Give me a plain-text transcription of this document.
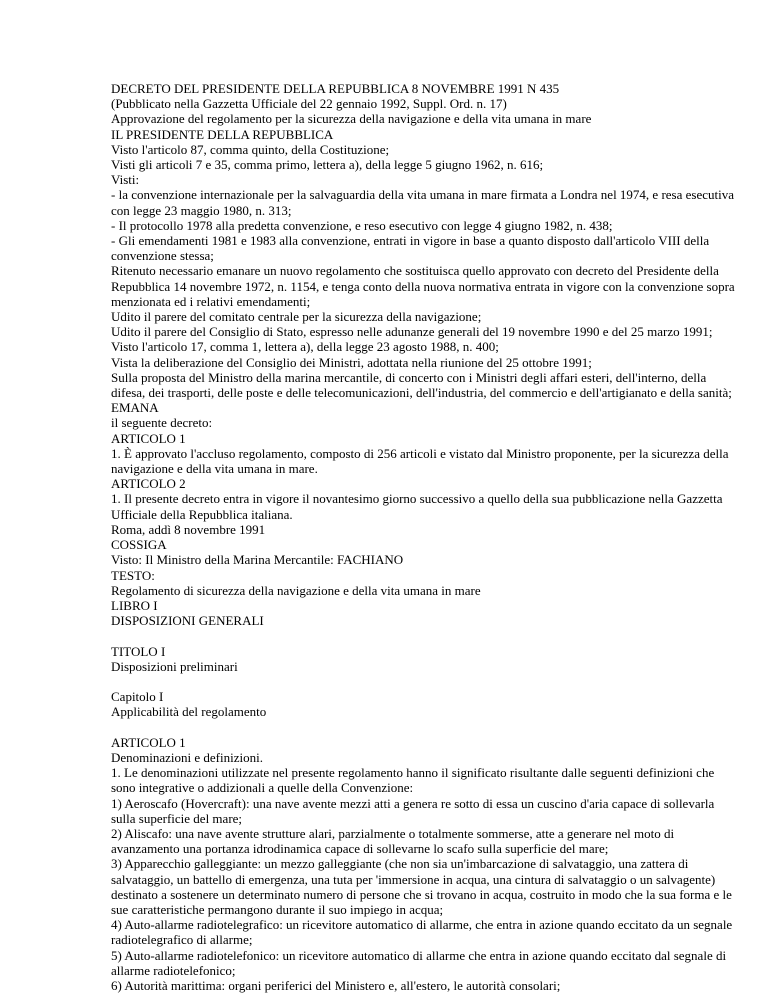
DECRETO DEL PRESIDENTE DELLA REPUBBLICA 8 NOVEMBRE 1991 N 435
(Pubblicato nella Gazzetta Ufficiale del 22 gennaio 1992, Suppl. Ord. n. 17)
Approvazione del regolamento per la sicurezza della navigazione e della vita umana in mare
IL PRESIDENTE DELLA REPUBBLICA
Visto l'articolo 87, comma quinto, della Costituzione;
Visti gli articoli 7 e 35, comma primo, lettera a), della legge 5 giugno 1962, n. 616;
Visti:
- la convenzione internazionale per la salvaguardia della vita umana in mare firmata a Londra nel 1974, e resa esecutiva con legge 23 maggio 1980, n. 313;
- Il protocollo 1978 alla predetta convenzione, e reso esecutivo con legge 4 giugno 1982, n. 438;
- Gli emendamenti 1981 e 1983 alla convenzione, entrati in vigore in base a quanto disposto dall'articolo VIII della convenzione stessa;
Ritenuto necessario emanare un nuovo regolamento che sostituisca quello approvato con decreto del Presidente della Repubblica 14 novembre 1972, n. 1154, e tenga conto della nuova normativa entrata in vigore con la convenzione sopra menzionata ed i relativi emendamenti;
Udito il parere del comitato centrale per la sicurezza della navigazione;
Udito il parere del Consiglio di Stato, espresso nelle adunanze generali del 19 novembre 1990 e del 25 marzo 1991;
Visto l'articolo 17, comma 1, lettera a), della legge 23 agosto 1988, n. 400;
Vista la deliberazione del Consiglio dei Ministri, adottata nella riunione del 25 ottobre 1991;
Sulla proposta del Ministro della marina mercantile, di concerto con i Ministri degli affari esteri, dell'interno, della difesa, dei trasporti, delle poste e delle telecomunicazioni, dell'industria, del commercio e dell'artigianato e della sanità;
EMANA
il seguente decreto:
ARTICOLO 1
1. È approvato l'accluso regolamento, composto di 256 articoli e vistato dal Ministro proponente, per la sicurezza della navigazione e della vita umana in mare.
ARTICOLO 2
1. Il presente decreto entra in vigore il novantesimo giorno successivo a quello della sua pubblicazione nella Gazzetta Ufficiale della Repubblica italiana.
Roma, addì 8 novembre 1991
COSSIGA
Visto: Il Ministro della Marina Mercantile: FACHIANO
TESTO:
Regolamento di sicurezza della navigazione e della vita umana in mare
LIBRO I
DISPOSIZIONI GENERALI
TITOLO I
Disposizioni preliminari
Capitolo I
Applicabilità del regolamento
ARTICOLO 1
Denominazioni e definizioni.
1. Le denominazioni utilizzate nel presente regolamento hanno il significato risultante dalle seguenti definizioni che sono integrative o addizionali a quelle della Convenzione:
1) Aeroscafo (Hovercraft): una nave avente mezzi atti a genera re sotto di essa un cuscino d'aria capace di sollevarla sulla superficie del mare;
2) Aliscafo: una nave avente strutture alari, parzialmente o totalmente sommerse, atte a generare nel moto di avanzamento una portanza idrodinamica capace di sollevarne lo scafo sulla superficie del mare;
3) Apparecchio galleggiante: un mezzo galleggiante (che non sia un'imbarcazione di salvataggio, una zattera di salvataggio, un battello di emergenza, una tuta per 'immersione in acqua, una cintura di salvataggio o un salvagente) destinato a sostenere un determinato numero di persone che si trovano in acqua, costruito in modo che la sua forma e le sue caratteristiche permangono durante il suo impiego in acqua;
4) Auto-allarme radiotelegrafico: un ricevitore automatico di allarme, che entra in azione quando eccitato da un segnale radiotelegrafico di allarme;
5) Auto-allarme radiotelefonico: un ricevitore automatico di allarme che entra in azione quando eccitato dal segnale di allarme radiotelefonico;
6) Autorità marittima: organi periferici del Ministero e, all'estero, le autorità consolari;
